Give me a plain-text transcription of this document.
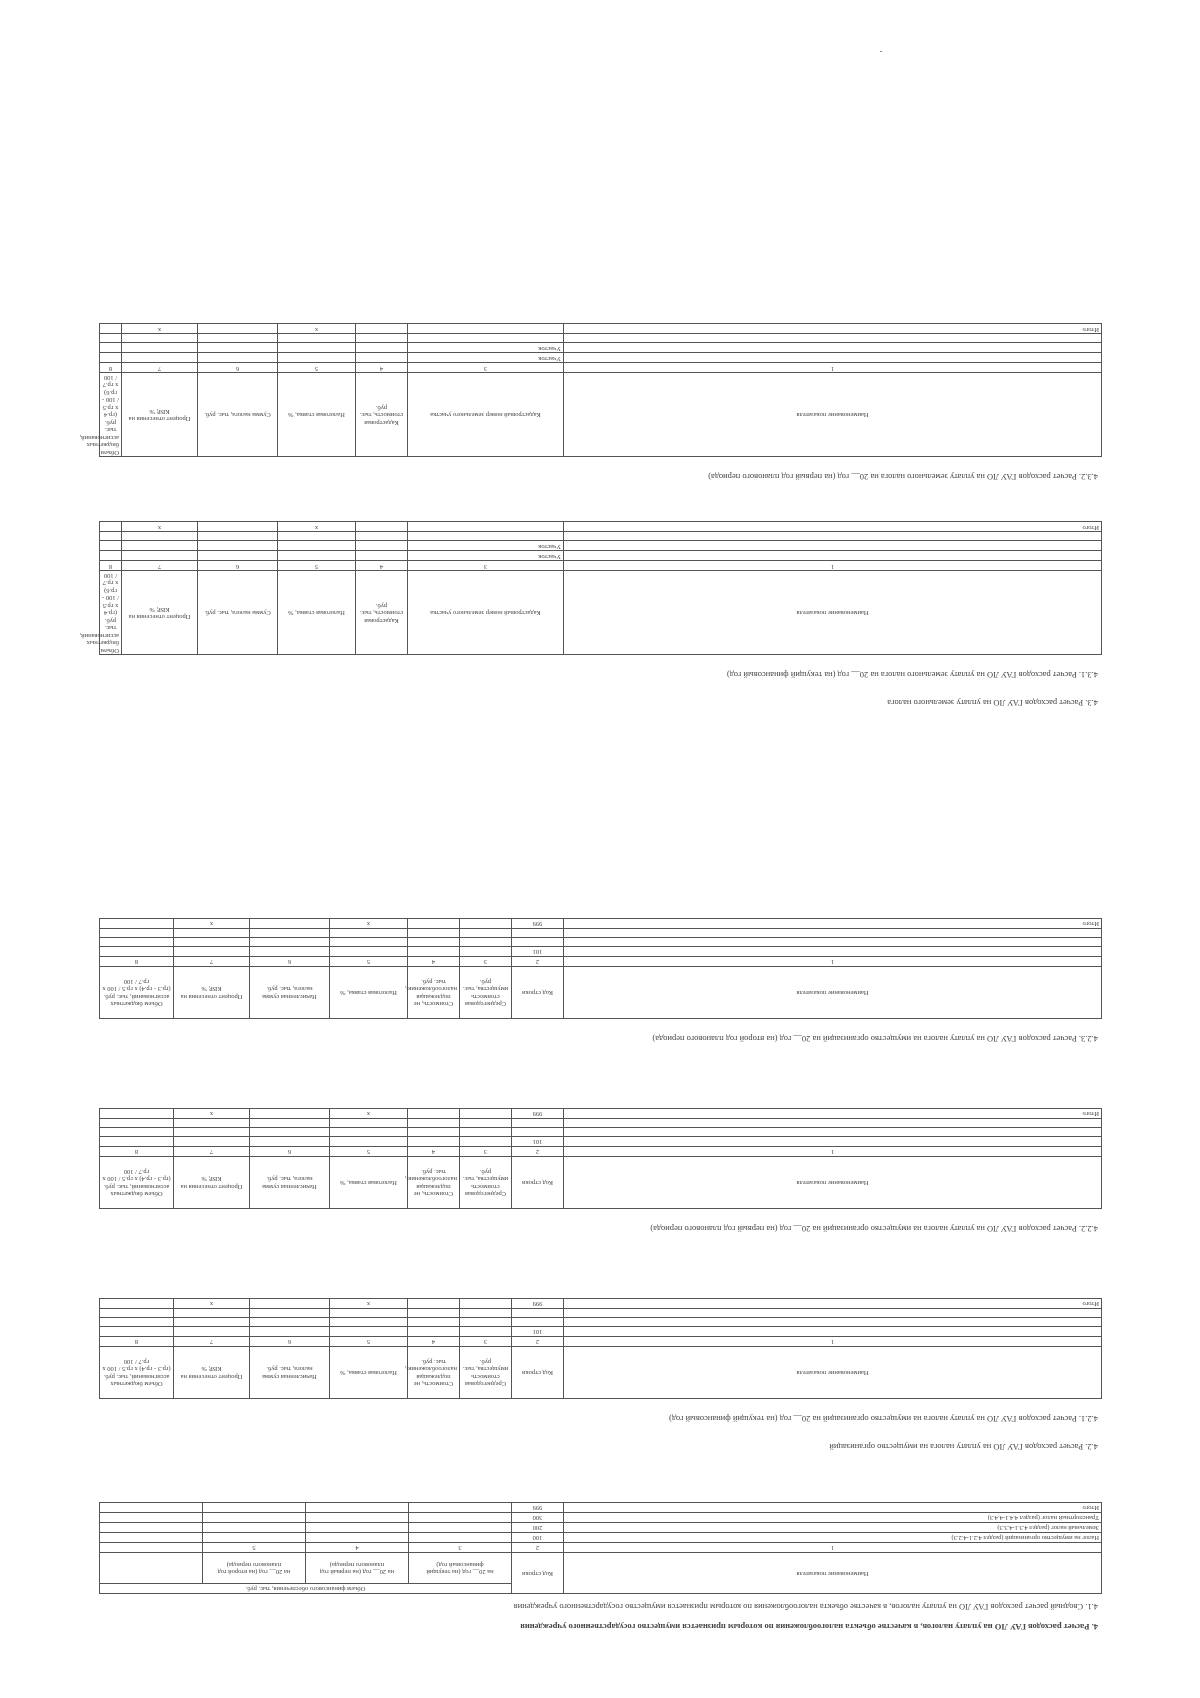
4. Расчет расходов ГАУ ЛО на уплату налогов, в качестве объекта налогообложения по которым признается имущество государственного учреждения

4.1. Сводный расчет расходов ГАУ ЛО на уплату налогов, в качестве объекта налогообложения по которым признается имущество государственного учреждения

Наименование показателя	Код строки	Объем финансового обеспечения, тыс. руб.			
		на 20__ год (на текущий финансовый год)	на 20__ год (на первый год планового периода)	на 20__ год (на второй год планового периода)	
1	2	3	4	5	
Налог на имущество организаций (раздел 4.2.1-4.2.3)	100				
Земельный налог (раздел 4.3.1-4.3.3)	200				
Транспортный налог (раздел 4.4.1-4.4.3)	300				
Итого	999				

4.2. Расчет расходов ГАУ ЛО на уплату налога на имущество организаций

4.2.1. Расчет расходов ГАУ ЛО на уплату налога на имущество организаций на 20__ год (на текущий финансовый год)

Наименование показателя	Код строки	Среднегодовая стоимость имущества, тыс. руб.	Стоимость, не подлежащая налогообложению, тыс. руб.	Налоговая ставка, %	Начисленная сумма налога, тыс. руб.	Процент отнесения на КВР, %	Объем бюджетных ассигнований, тыс. руб. (гр.3 - гр.4) х гр.5 / 100 х гр.7 / 100
1	2	3	4	5	6	7	8
	101						

Итого	999			х		х	

4.2.2. Расчет расходов ГАУ ЛО на уплату налога на имущество организаций на 20__ год (на первый год планового периода)

Наименование показателя	Код строки	Среднегодовая стоимость имущества, тыс. руб.	Стоимость, не подлежащая налогообложению, тыс. руб.	Налоговая ставка, %	Начисленная сумма налога, тыс. руб.	Процент отнесения на КВР, %	Объем бюджетных ассигнований, тыс. руб. (гр.3 - гр.4) х гр.5 / 100 х гр.7 / 100
1	2	3	4	5	6	7	8
	101						

Итого	999			х		х	

4.2.3. Расчет расходов ГАУ ЛО на уплату налога на имущество организаций на 20__ год (на второй год планового периода)

Наименование показателя	Код строки	Среднегодовая стоимость имущества, тыс. руб.	Стоимость, не подлежащая налогообложению, тыс. руб.	Налоговая ставка, %	Начисленная сумма налога, тыс. руб.	Процент отнесения на КВР, %	Объем бюджетных ассигнований, тыс. руб. (гр.3 - гр.4) х гр.5 / 100 х гр.7 / 100
1	2	3	4	5	6	7	8
	101						

Итого	999			х		х	

4.3. Расчет расходов ГАУ ЛО на уплату земельного налога

4.3.1. Расчет расходов ГАУ ЛО на уплату земельного налога на 20__ год (на текущий финансовый год)

Наименование показателя	Кадастровый номер земельного участка	Кадастровая стоимость, тыс. руб.	Налоговая ставка, %	Сумма налога, тыс. руб.	Процент отнесения на КВР, %	Объем бюджетных ассигнований, тыс. руб. (гр.4 х гр.5 / 100 - гр.6) х гр.7 / 100
1	3	4	5	6	7	8
	Участок					
	Участок					

Итого			х		х	

4.3.2. Расчет расходов ГАУ ЛО на уплату земельного налога на 20__ год (на первый год планового периода)

Наименование показателя	Кадастровый номер земельного участка	Кадастровая стоимость, тыс. руб.	Налоговая ставка, %	Сумма налога, тыс. руб.	Процент отнесения на КВР, %	Объем бюджетных ассигнований, тыс. руб. (гр.4 х гр.5 / 100 - гр.6) х гр.7 / 100
1	3	4	5	6	7	8
	Участок					
	Участок					

Итого			х		х	
